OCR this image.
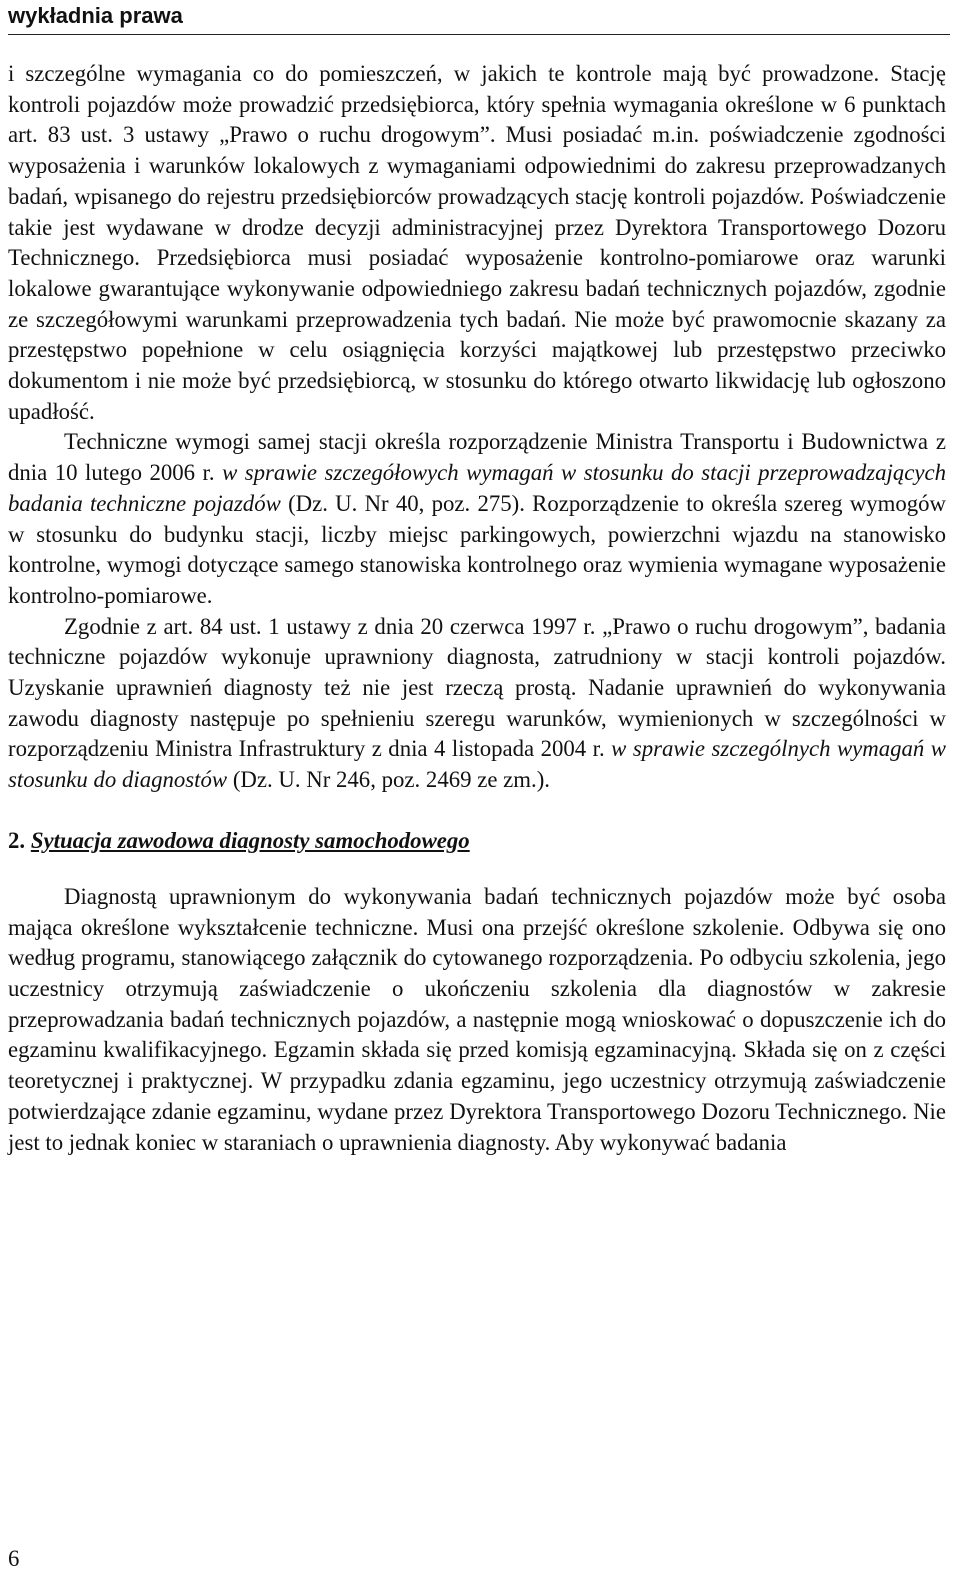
wykładnia prawa

i szczególne wymagania co do pomieszczeń, w jakich te kontrole mają być prowadzone. Stację kontroli pojazdów może prowadzić przedsiębiorca, który spełnia wymagania określone w 6 punktach art. 83 ust. 3 ustawy „Prawo o ruchu drogowym”. Musi posiadać m.in. poświadczenie zgodności wyposażenia i warunków lokalowych z wymaganiami odpowiednimi do zakresu przeprowadzanych badań, wpisanego do rejestru przedsiębiorców prowadzących stację kontroli pojazdów. Poświadczenie takie jest wydawane w drodze decyzji administracyjnej przez Dyrektora Transportowego Dozoru Technicznego. Przedsiębiorca musi posiadać wyposażenie kontrolno-pomiarowe oraz warunki lokalowe gwarantujące wykonywanie odpowiedniego zakresu badań technicznych pojazdów, zgodnie ze szczegółowymi warunkami przeprowadzenia tych badań. Nie może być prawomocnie skazany za przestępstwo popełnione w celu osiągnięcia korzyści majątkowej lub przestępstwo przeciwko dokumentom i nie może być przedsiębiorcą, w stosunku do którego otwarto likwidację lub ogłoszono upadłość.

Techniczne wymogi samej stacji określa rozporządzenie Ministra Transportu i Budownictwa z dnia 10 lutego 2006 r. w sprawie szczegółowych wymagań w stosunku do stacji przeprowadzających badania techniczne pojazdów (Dz. U. Nr 40, poz. 275). Rozporządzenie to określa szereg wymogów w stosunku do budynku stacji, liczby miejsc parkingowych, powierzchni wjazdu na stanowisko kontrolne, wymogi dotyczące samego stanowiska kontrolnego oraz wymienia wymagane wyposażenie kontrolno-pomiarowe.

Zgodnie z art. 84 ust. 1 ustawy z dnia 20 czerwca 1997 r. „Prawo o ruchu drogowym”, badania techniczne pojazdów wykonuje uprawniony diagnosta, zatrudniony w stacji kontroli pojazdów. Uzyskanie uprawnień diagnosty też nie jest rzeczą prostą. Nadanie uprawnień do wykonywania zawodu diagnosty następuje po spełnieniu szeregu warunków, wymienionych w szczególności w rozporządzeniu Ministra Infrastruktury z dnia 4 listopada 2004 r. w sprawie szczególnych wymagań w stosunku do diagnostów (Dz. U. Nr 246, poz. 2469 ze zm.).

2. Sytuacja zawodowa diagnosty samochodowego

Diagnostą uprawnionym do wykonywania badań technicznych pojazdów może być osoba mająca określone wykształcenie techniczne. Musi ona przejść określone szkolenie. Odbywa się ono według programu, stanowiącego załącznik do cytowanego rozporządzenia. Po odbyciu szkolenia, jego uczestnicy otrzymują zaświadczenie o ukończeniu szkolenia dla diagnostów w zakresie przeprowadzania badań technicznych pojazdów, a następnie mogą wnioskować o dopuszczenie ich do egzaminu kwalifikacyjnego. Egzamin składa się przed komisją egzaminacyjną. Składa się on z części teoretycznej i praktycznej. W przypadku zdania egzaminu, jego uczestnicy otrzymują zaświadczenie potwierdzające zdanie egzaminu, wydane przez Dyrektora Transportowego Dozoru Technicznego. Nie jest to jednak koniec w staraniach o uprawnienia diagnosty. Aby wykonywać badania

6
